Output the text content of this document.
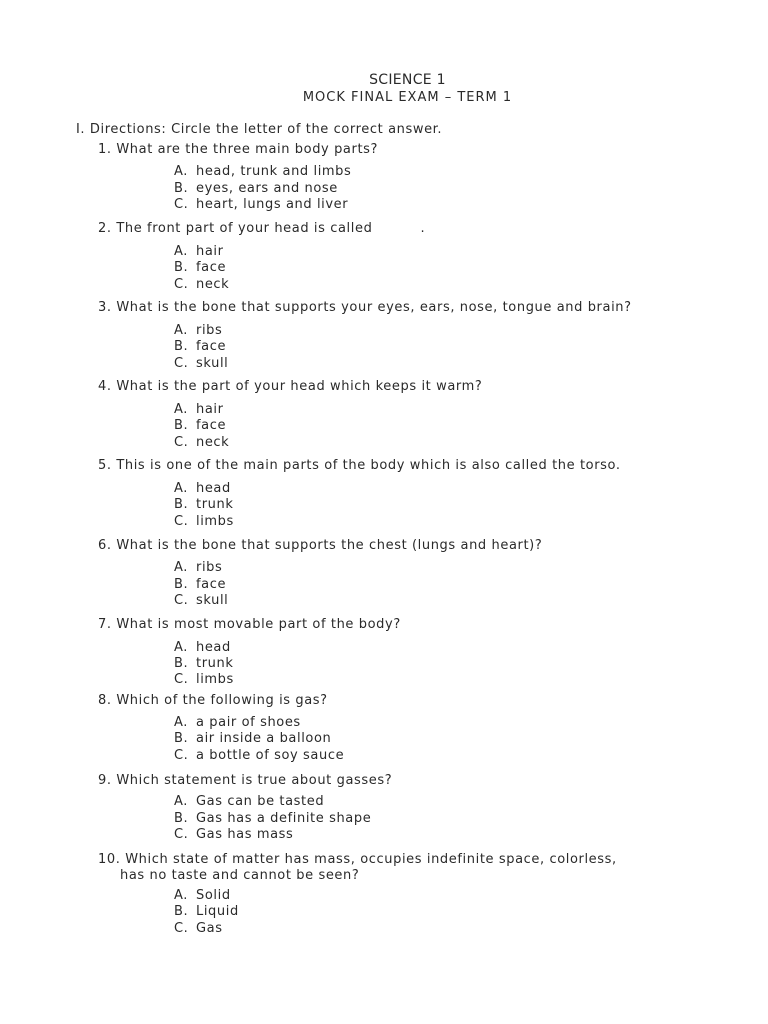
SCIENCE 1
MOCK FINAL EXAM – TERM 1
I. Directions: Circle the letter of the correct answer.
1. What are the three main body parts?
A. head, trunk and limbs
B. eyes, ears and nose
C. heart, lungs and liver
2. The front part of your head is called	.
A. hair
B. face
C. neck
3. What is the bone that supports your eyes, ears, nose, tongue and brain?
A. ribs
B. face
C. skull
4. What is the part of your head which keeps it warm?
A. hair
B. face
C. neck
5. This is one of the main parts of the body which is also called the torso.
A. head
B. trunk
C. limbs
6. What is the bone that supports the chest (lungs and heart)?
A. ribs
B. face
C. skull
7. What is most movable part of the body?
A. head
B. trunk
C. limbs
8. Which of the following is gas?
A. a pair of shoes
B. air inside a balloon
C. a bottle of soy sauce
9. Which statement is true about gasses?
A. Gas can be tasted
B. Gas has a definite shape
C. Gas has mass
10. Which state of matter has mass, occupies indefinite space, colorless,
has no taste and cannot be seen?
A. Solid
B. Liquid
C. Gas
